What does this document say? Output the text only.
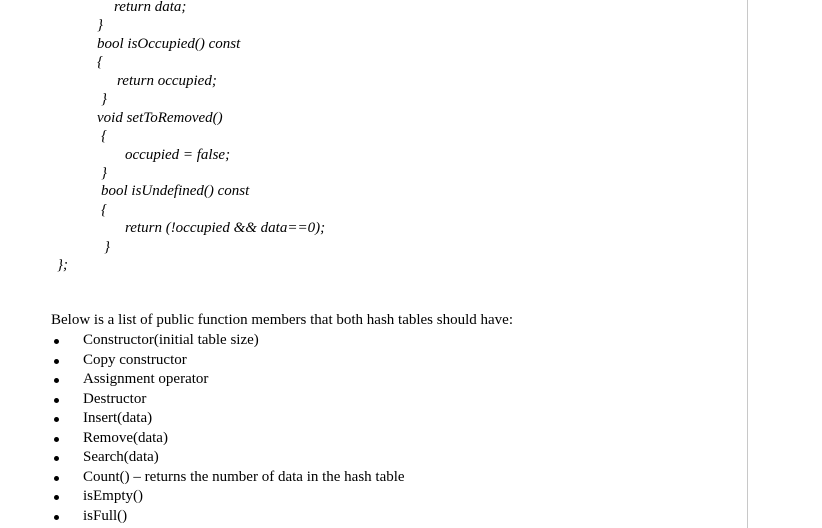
return data;
}
bool isOccupied() const
{
return occupied;
}
void setToRemoved()
{
occupied = false;
}
bool isUndefined() const
{
return (!occupied && data==0);
}
};
Below is a list of public function members that both hash tables should have:
Constructor(initial table size)
Copy constructor
Assignment operator
Destructor
Insert(data)
Remove(data)
Search(data)
Count() – returns the number of data in the hash table
isEmpty()
isFull()
